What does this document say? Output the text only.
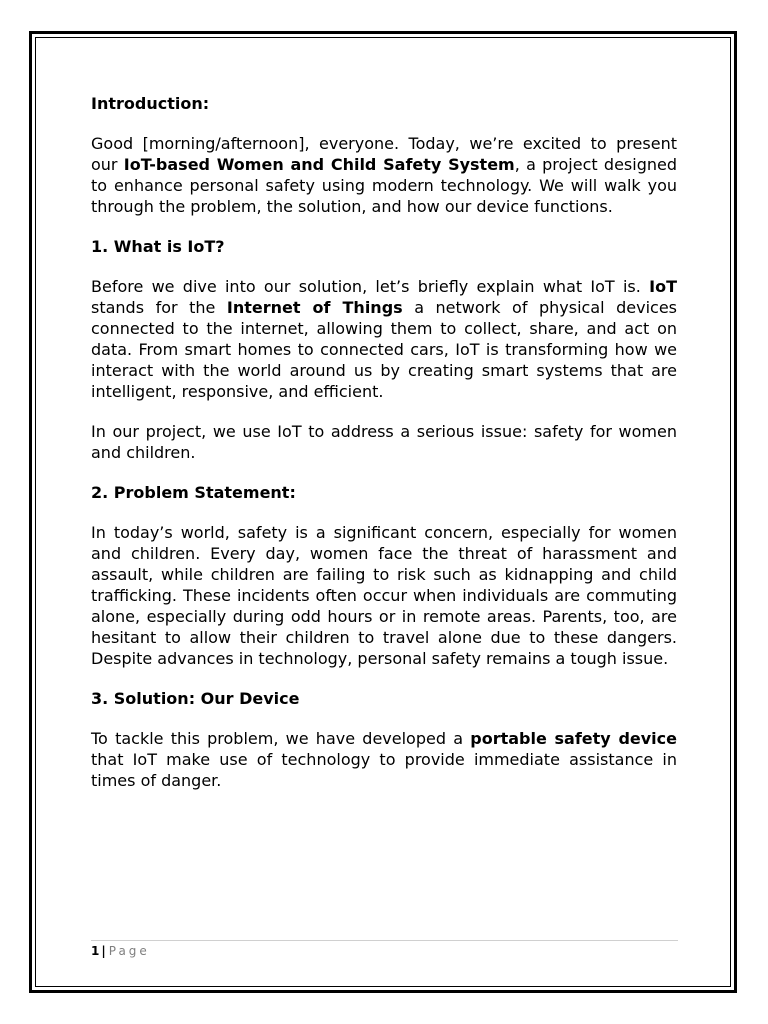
Introduction:

Good [morning/afternoon], everyone. Today, we’re excited to present our IoT-based Women and Child Safety System, a project designed to enhance personal safety using modern technology. We will walk you through the problem, the solution, and how our device functions.

1. What is IoT?

Before we dive into our solution, let’s briefly explain what IoT is. IoT stands for the Internet of Things a network of physical devices connected to the internet, allowing them to collect, share, and act on data. From smart homes to connected cars, IoT is transforming how we interact with the world around us by creating smart systems that are intelligent, responsive, and efficient.

In our project, we use IoT to address a serious issue: safety for women and children.

2. Problem Statement:

In today’s world, safety is a significant concern, especially for women and children. Every day, women face the threat of harassment and assault, while children are failing to risk such as kidnapping and child trafficking. These incidents often occur when individuals are commuting alone, especially during odd hours or in remote areas. Parents, too, are hesitant to allow their children to travel alone due to these dangers. Despite advances in technology, personal safety remains a tough issue.

3. Solution: Our Device

To tackle this problem, we have developed a portable safety device that IoT make use of technology to provide immediate assistance in times of danger.

1 | Page
